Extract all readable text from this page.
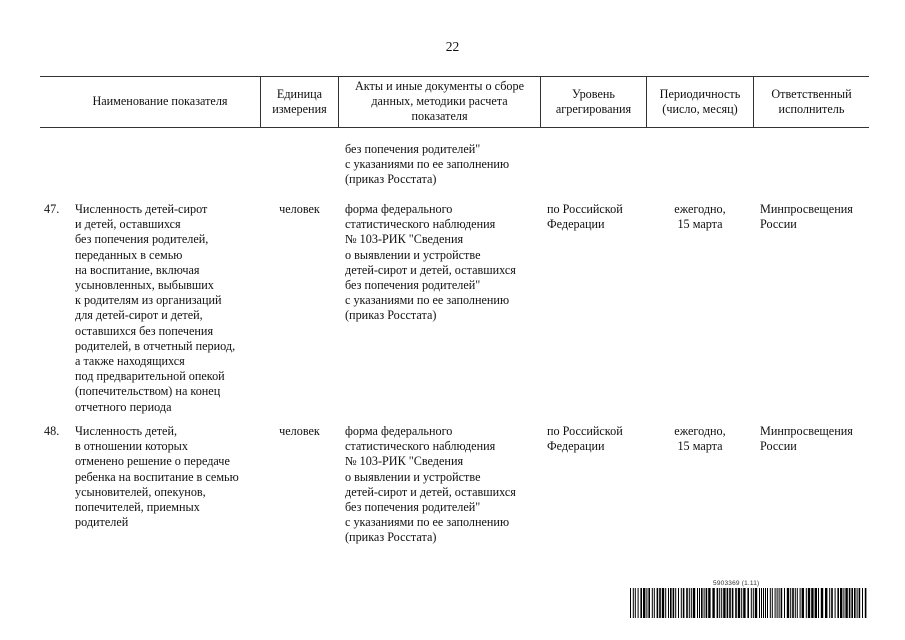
22
Наименование показателя
Единица
измерения
Акты и иные документы о сборе
данных, методики расчета
показателя
Уровень
агрегирования
Периодичность
(число, месяц)
Ответственный
исполнитель
без попечения родителей"
с указаниями по ее заполнению
(приказ Росстата)
47. Численность детей-сирот
и детей, оставшихся
без попечения родителей,
переданных в семью
на воспитание, включая
усыновленных, выбывших
к родителям из организаций
для детей-сирот и детей,
оставшихся без попечения
родителей, в отчетный период,
а также находящихся
под предварительной опекой
(попечительством) на конец
отчетного периода
человек	форма федерального
статистического наблюдения
№ 103-РИК "Сведения
о выявлении и устройстве
детей-сирот и детей, оставшихся
без попечения родителей"
с указаниями по ее заполнению
(приказ Росстата)
по Российской
Федерации
ежегодно,
15 марта
Минпросвещения
России
48. Численность детей,
в отношении которых
отменено решение о передаче
ребенка на воспитание в семью
усыновителей, опекунов,
попечителей, приемных
родителей
человек	форма федерального
статистического наблюдения
№ 103-РИК "Сведения
о выявлении и устройстве
детей-сирот и детей, оставшихся
без попечения родителей"
с указаниями по ее заполнению
(приказ Росстата)
по Российской
Федерации
ежегодно,
15 марта
Минпросвещения
России
5903369 (1.11)
